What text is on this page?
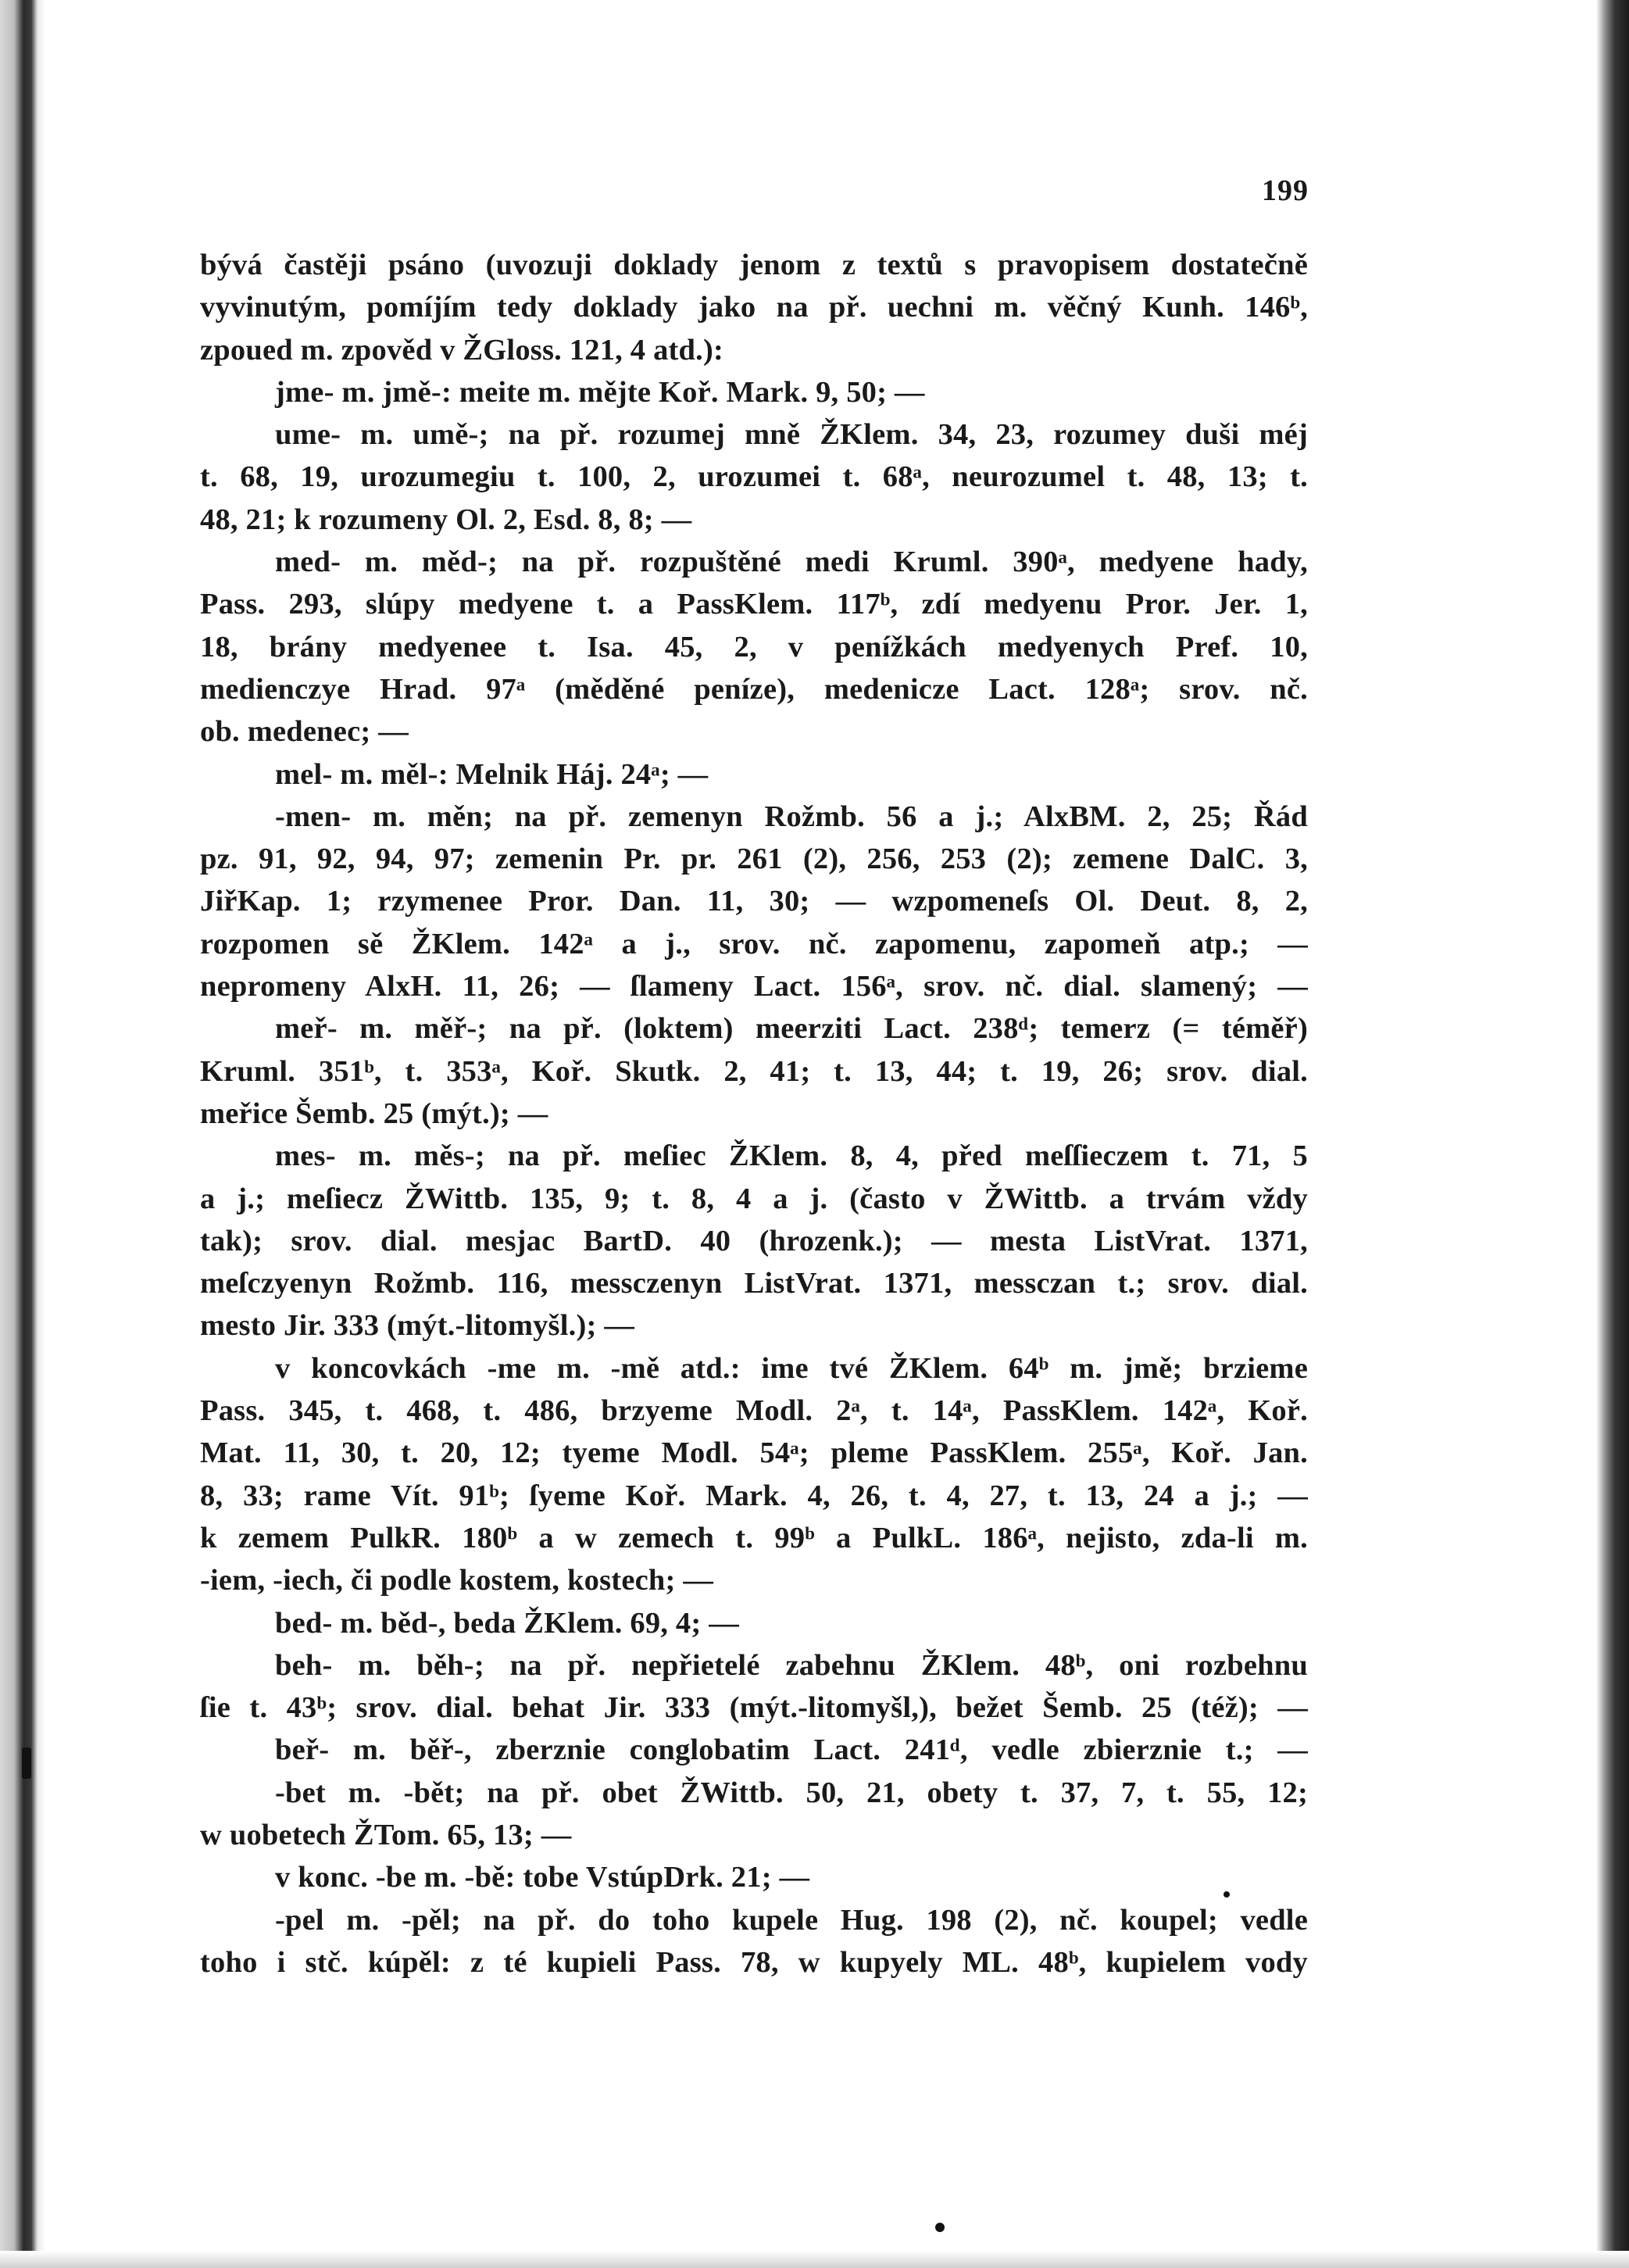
199
bývá častěji psáno (uvozuji doklady jenom z textů s pravopisem dostatečně
vyvinutým, pomíjím tedy doklady jako na př. uechni m. věčný Kunh. 146ᵇ,
zpoued m. zpověd v ŽGloss. 121, 4 atd.):
jme- m. jmě-: meite m. mějte Koř. Mark. 9, 50; —
ume- m. umě-; na př. rozumej mně ŽKlem. 34, 23, rozumey duši méj
t. 68, 19, urozumegiu t. 100, 2, urozumei t. 68ᵃ, neurozumel t. 48, 13; t.
48, 21; k rozumeny Ol. 2, Esd. 8, 8; —
med- m. měd-; na př. rozpuštěné medi Kruml. 390ᵃ, medyene hady,
Pass. 293, slúpy medyene t. a PassKlem. 117ᵇ, zdí medyenu Pror. Jer. 1,
18, brány medyenee t. Isa. 45, 2, v penížkách medyenych Pref. 10,
medienczye Hrad. 97ᵃ (měděné peníze), medenicze Lact. 128ᵃ; srov. nč.
ob. medenec; —
mel- m. měl-: Melnik Háj. 24ᵃ; —
-men- m. měn; na př. zemenyn Rožmb. 56 a j.; AlxBM. 2, 25; Řád
pz. 91, 92, 94, 97; zemenin Pr. pr. 261 (2), 256, 253 (2); zemene DalC. 3,
JiřKap. 1; rzymenee Pror. Dan. 11, 30; — wzpomeneſs Ol. Deut. 8, 2,
rozpomen sě ŽKlem. 142ᵃ a j., srov. nč. zapomenu, zapomeň atp.; —
nepromeny AlxH. 11, 26; — ſlameny Lact. 156ᵃ, srov. nč. dial. slamený; —
meř- m. měř-; na př. (loktem) meerziti Lact. 238ᵈ; temerz (= téměř)
Kruml. 351ᵇ, t. 353ᵃ, Koř. Skutk. 2, 41; t. 13, 44; t. 19, 26; srov. dial.
meřice Šemb. 25 (mýt.); —
mes- m. měs-; na př. meſiec ŽKlem. 8, 4, před meſſieczem t. 71, 5
a j.; meſiecz ŽWittb. 135, 9; t. 8, 4 a j. (často v ŽWittb. a trvám vždy
tak); srov. dial. mesjac BartD. 40 (hrozenk.); — mesta ListVrat. 1371,
meſczyenyn Rožmb. 116, messczenyn ListVrat. 1371, messczan t.; srov. dial.
mesto Jir. 333 (mýt.-litomyšl.); —
v koncovkách -me m. -mě atd.: ime tvé ŽKlem. 64ᵇ m. jmě; brzieme
Pass. 345, t. 468, t. 486, brzyeme Modl. 2ᵃ, t. 14ᵃ, PassKlem. 142ᵃ, Koř.
Mat. 11, 30, t. 20, 12; tyeme Modl. 54ᵃ; pleme PassKlem. 255ᵃ, Koř. Jan.
8, 33; rame Vít. 91ᵇ; ſyeme Koř. Mark. 4, 26, t. 4, 27, t. 13, 24 a j.; —
k zemem PulkR. 180ᵇ a w zemech t. 99ᵇ a PulkL. 186ᵃ, nejisto, zda-li m.
-iem, -iech, či podle kostem, kostech; —
bed- m. běd-, beda ŽKlem. 69, 4; —
beh- m. běh-; na př. nepřietelé zabehnu ŽKlem. 48ᵇ, oni rozbehnu
ſie t. 43ᵇ; srov. dial. behat Jir. 333 (mýt.-litomyšl,), bežet Šemb. 25 (též); —
beř- m. běř-, zberznie conglobatim Lact. 241ᵈ, vedle zbierznie t.; —
-bet m. -bět; na př. obet ŽWittb. 50, 21, obety t. 37, 7, t. 55, 12;
w uobetech ŽTom. 65, 13; —
v konc. -be m. -bě: tobe VstúpDrk. 21; —
-pel m. -pěl; na př. do toho kupele Hug. 198 (2), nč. koupel; vedle
toho i stč. kúpěl: z té kupieli Pass. 78, w kupyely ML. 48ᵇ, kupielem vody
